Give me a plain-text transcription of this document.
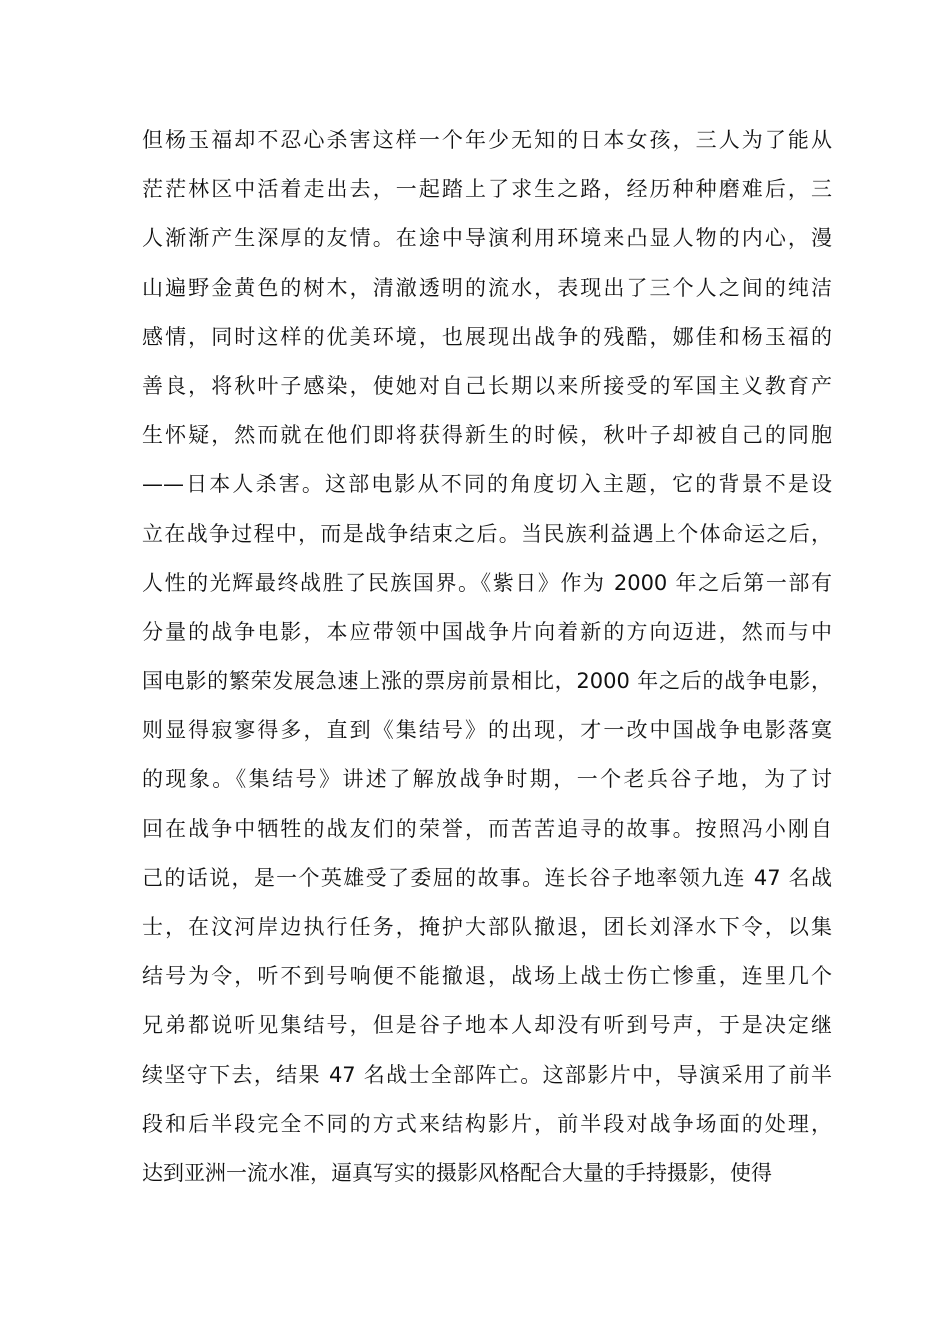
但杨玉福却不忍心杀害这样一个年少无知的日本女孩，三人为了能从
茫茫林区中活着走出去，一起踏上了求生之路，经历种种磨难后，三
人渐渐产生深厚的友情。在途中导演利用环境来凸显人物的内心，漫
山遍野金黄色的树木，清澈透明的流水，表现出了三个人之间的纯洁
感情，同时这样的优美环境，也展现出战争的残酷，娜佳和杨玉福的
善良，将秋叶子感染，使她对自己长期以来所接受的军国主义教育产
生怀疑，然而就在他们即将获得新生的时候，秋叶子却被自己的同胞
——日本人杀害。这部电影从不同的角度切入主题，它的背景不是设
立在战争过程中，而是战争结束之后。当民族利益遇上个体命运之后，
人性的光辉最终战胜了民族国界。《紫日》作为 2000 年之后第一部有
分量的战争电影，本应带领中国战争片向着新的方向迈进，然而与中
国电影的繁荣发展急速上涨的票房前景相比，2000 年之后的战争电影，
则显得寂寥得多，直到《集结号》的出现，才一改中国战争电影落寞
的现象。《集结号》讲述了解放战争时期，一个老兵谷子地，为了讨
回在战争中牺牲的战友们的荣誉，而苦苦追寻的故事。按照冯小刚自
己的话说，是一个英雄受了委屈的故事。连长谷子地率领九连 47 名战
士，在汶河岸边执行任务，掩护大部队撤退，团长刘泽水下令，以集
结号为令，听不到号响便不能撤退，战场上战士伤亡惨重，连里几个
兄弟都说听见集结号，但是谷子地本人却没有听到号声，于是决定继
续坚守下去，结果 47 名战士全部阵亡。这部影片中，导演采用了前半
段和后半段完全不同的方式来结构影片，前半段对战争场面的处理，
达到亚洲一流水准，逼真写实的摄影风格配合大量的手持摄影，使得
